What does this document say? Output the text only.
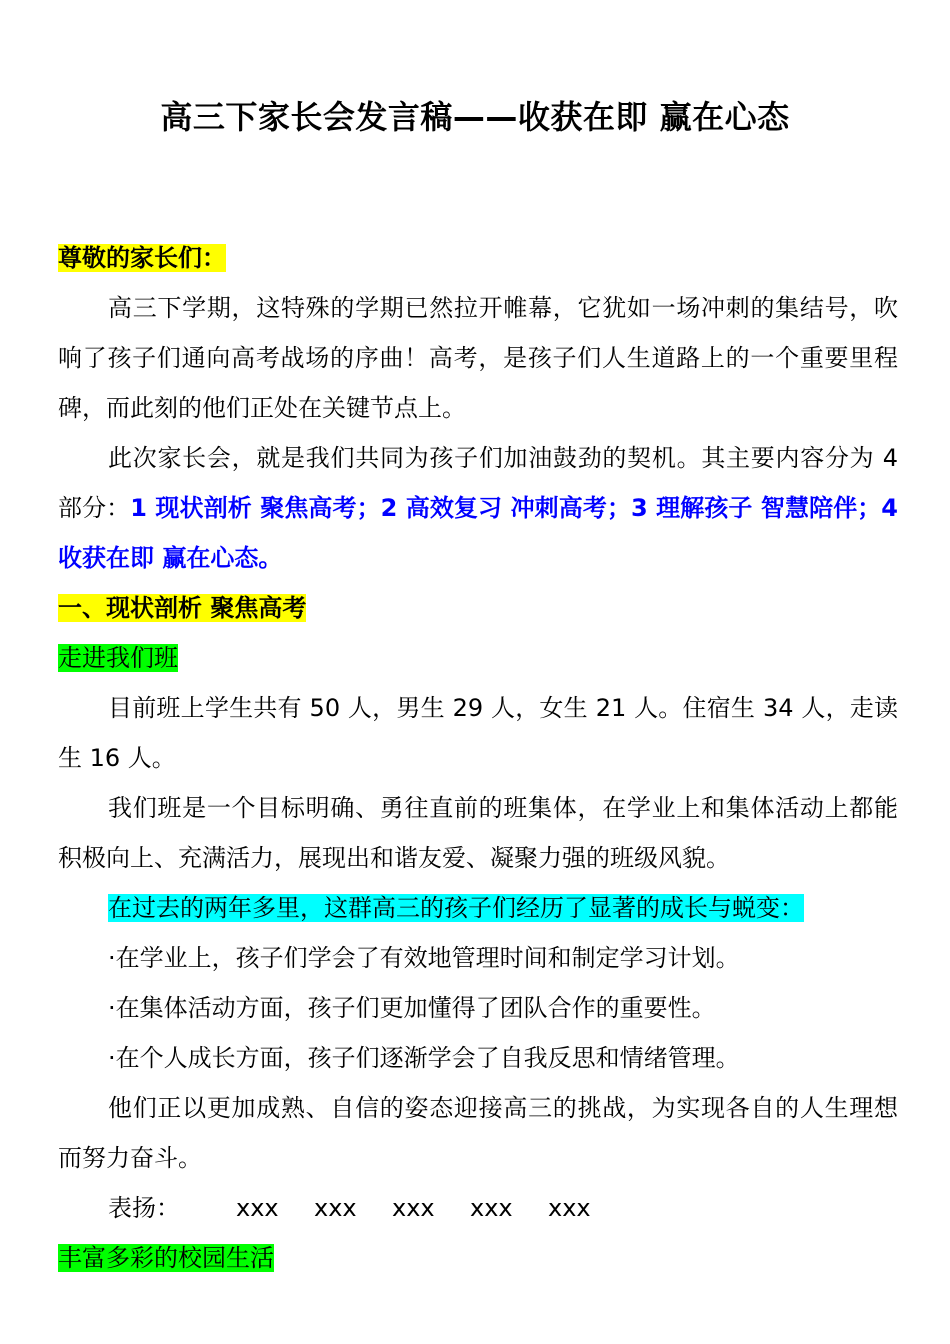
高三下家长会发言稿——收获在即 赢在心态

尊敬的家长们：

高三下学期，这特殊的学期已然拉开帷幕，它犹如一场冲刺的集结号，吹响了孩子们通向高考战场的序曲！高考，是孩子们人生道路上的一个重要里程碑，而此刻的他们正处在关键节点上。

此次家长会，就是我们共同为孩子们加油鼓劲的契机。其主要内容分为 4 部分：1 现状剖析 聚焦高考；2 高效复习 冲刺高考；3 理解孩子 智慧陪伴；4 收获在即 赢在心态。

一、现状剖析 聚焦高考

走进我们班

目前班上学生共有 50 人，男生 29 人，女生 21 人。住宿生 34 人，走读生 16 人。

我们班是一个目标明确、勇往直前的班集体，在学业上和集体活动上都能积极向上、充满活力，展现出和谐友爱、凝聚力强的班级风貌。

在过去的两年多里，这群高三的孩子们经历了显著的成长与蜕变：

·在学业上，孩子们学会了有效地管理时间和制定学习计划。

·在集体活动方面，孩子们更加懂得了团队合作的重要性。

·在个人成长方面，孩子们逐渐学会了自我反思和情绪管理。

他们正以更加成熟、自信的姿态迎接高三的挑战，为实现各自的人生理想而努力奋斗。

表扬： xxx xxx xxx xxx xxx

丰富多彩的校园生活
